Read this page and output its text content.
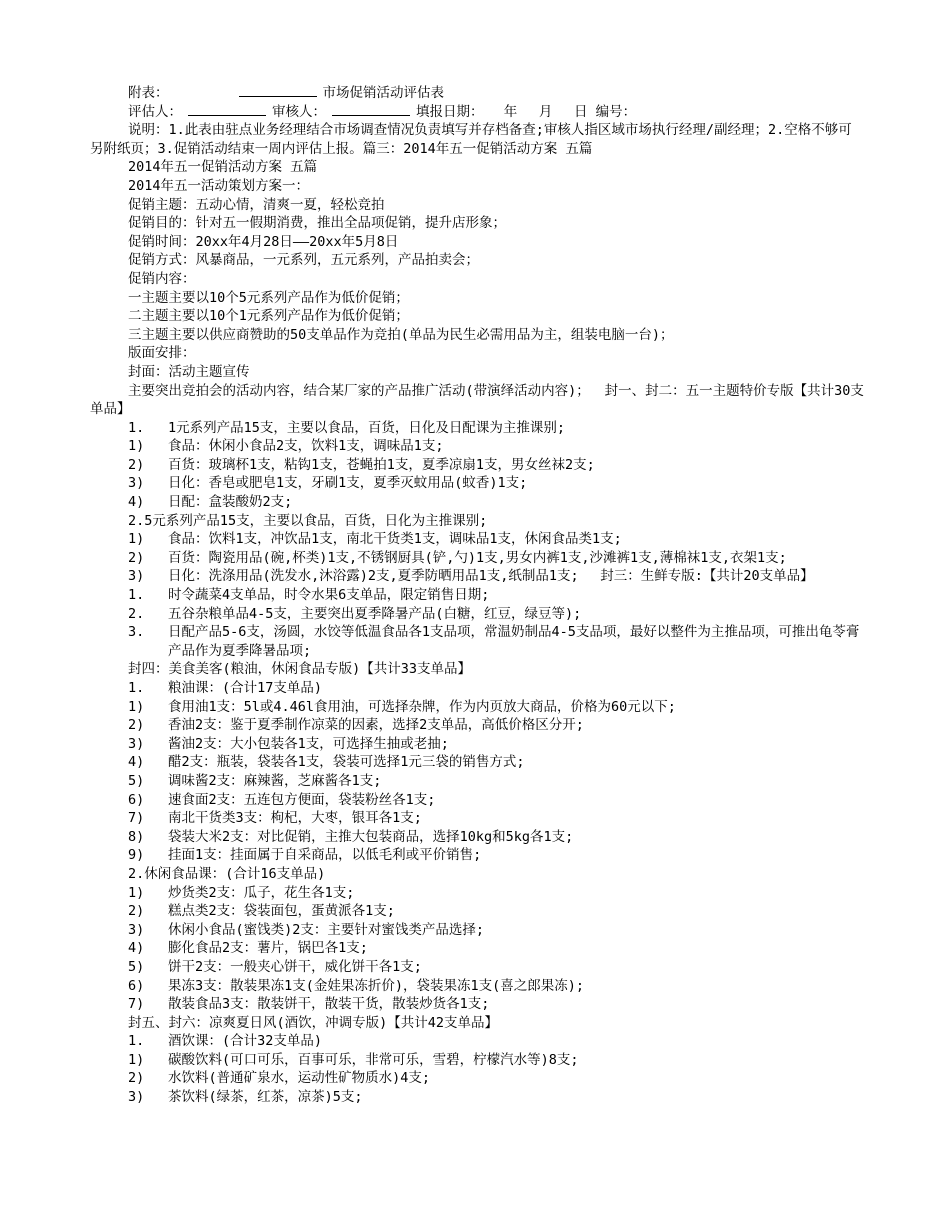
附表：	市场促销活动评估表
评估人：	审核人：	填报日期：　　年　 月　 日 编号：
说明：1.此表由驻点业务经理结合市场调查情况负责填写并存档备查;审核人指区域市场执行经理/副经理；2.空格不够可另附纸页；3.促销活动结束一周内评估上报。篇三：2014年五一促销活动方案 五篇
2014年五一促销活动方案 五篇
2014年五一活动策划方案一：
促销主题：五动心情，清爽一夏，轻松竞拍
促销目的：针对五一假期消费，推出全品项促销，提升店形象；
促销时间：20xx年4月28日——20xx年5月8日
促销方式：风暴商品，一元系列，五元系列，产品拍卖会；
促销内容：
一主题主要以10个5元系列产品作为低价促销；
二主题主要以10个1元系列产品作为低价促销；
三主题主要以供应商赞助的50支单品作为竞拍(单品为民生必需用品为主，组装电脑一台)；
版面安排：
封面：活动主题宣传
主要突出竞拍会的活动内容，结合某厂家的产品推广活动(带演绎活动内容)；　 封一、封二：五一主题特价专版【共计30支单品】
1. 1元系列产品15支，主要以食品，百货，日化及日配课为主推课别;
1) 食品：休闲小食品2支，饮料1支，调味品1支;
2) 百货：玻璃杯1支，粘钩1支，苍蝇拍1支，夏季凉扇1支，男女丝袜2支;
3) 日化：香皂或肥皂1支，牙刷1支，夏季灭蚊用品(蚊香)1支;
4) 日配：盒装酸奶2支;
2.5元系列产品15支，主要以食品，百货，日化为主推课别;
1) 食品：饮料1支，冲饮品1支，南北干货类1支，调味品1支，休闲食品类1支;
2) 百货：陶瓷用品(碗,杯类)1支,不锈钢厨具(铲,勺)1支,男女内裤1支,沙滩裤1支,薄棉袜1支,衣架1支;
3) 日化：洗涤用品(洗发水,沐浴露)2支,夏季防晒用品1支,纸制品1支;　 封三：生鲜专版:【共计20支单品】
1. 时令蔬菜4支单品，时令水果6支单品，限定销售日期;
2. 五谷杂粮单品4-5支，主要突出夏季降暑产品(白糖，红豆，绿豆等);
3. 日配产品5-6支，汤圆，水饺等低温食品各1支品项，常温奶制品4-5支品项，最好以整件为主推品项，可推出龟苓膏产品作为夏季降暑品项;
封四：美食美客(粮油，休闲食品专版)【共计33支单品】
1. 粮油课：(合计17支单品)
1) 食用油1支：5l或4.46l食用油，可选择杂牌，作为内页放大商品，价格为60元以下;
2) 香油2支：鉴于夏季制作凉菜的因素，选择2支单品，高低价格区分开;
3) 酱油2支：大小包装各1支，可选择生抽或老抽;
4) 醋2支：瓶装，袋装各1支，袋装可选择1元三袋的销售方式;
5) 调味酱2支：麻辣酱，芝麻酱各1支;
6) 速食面2支：五连包方便面，袋装粉丝各1支;
7) 南北干货类3支：枸杞，大枣，银耳各1支;
8) 袋装大米2支：对比促销，主推大包装商品，选择10kg和5kg各1支;
9) 挂面1支：挂面属于自采商品，以低毛利或平价销售;
2.休闲食品课：(合计16支单品)
1) 炒货类2支：瓜子，花生各1支;
2) 糕点类2支：袋装面包，蛋黄派各1支;
3) 休闲小食品(蜜饯类)2支：主要针对蜜饯类产品选择;
4) 膨化食品2支：薯片，锅巴各1支;
5) 饼干2支：一般夹心饼干，威化饼干各1支;
6) 果冻3支：散装果冻1支(金娃果冻折价)，袋装果冻1支(喜之郎果冻);
7) 散装食品3支：散装饼干，散装干货，散装炒货各1支;
封五、封六：凉爽夏日风(酒饮，冲调专版)【共计42支单品】
1. 酒饮课：(合计32支单品)
1) 碳酸饮料(可口可乐，百事可乐，非常可乐，雪碧，柠檬汽水等)8支;
2) 水饮料(普通矿泉水，运动性矿物质水)4支;
3) 茶饮料(绿茶，红茶，凉茶)5支;
